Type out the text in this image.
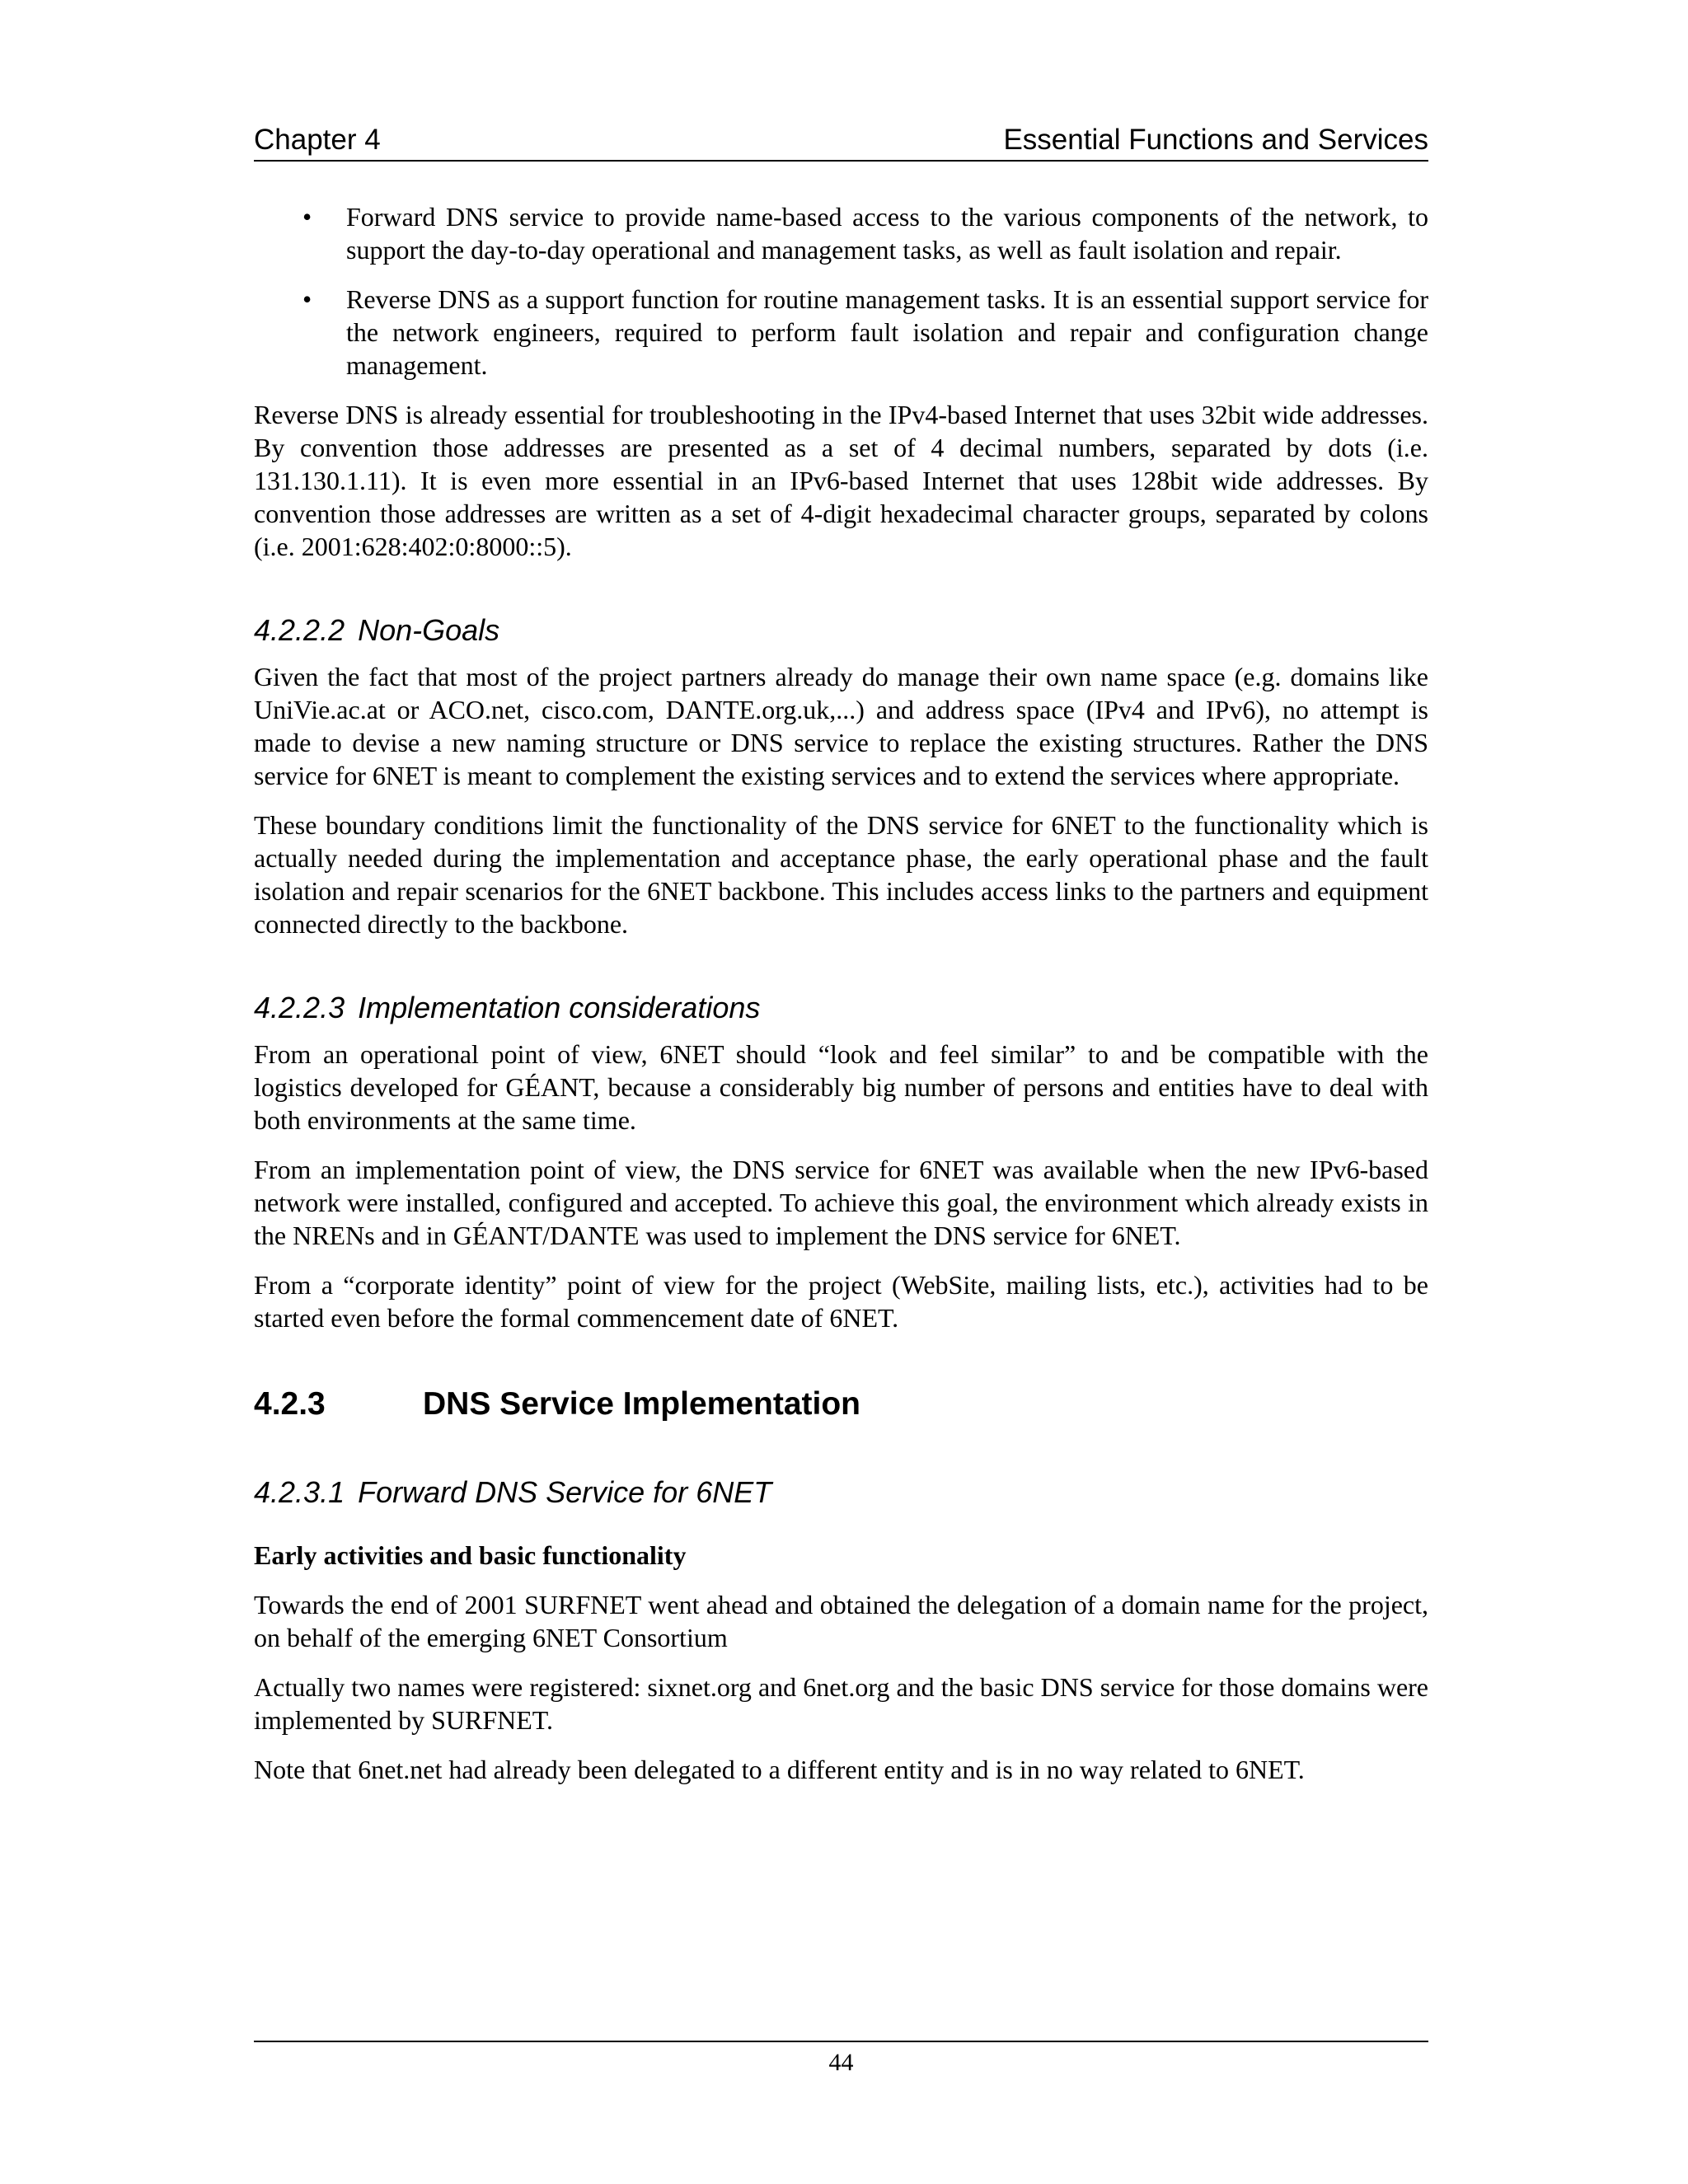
Chapter 4	Essential Functions and Services
• Forward DNS service to provide name-based access to the various components of the network, to support the day-to-day operational and management tasks, as well as fault isolation and repair.
• Reverse DNS as a support function for routine management tasks. It is an essential support service for the network engineers, required to perform fault isolation and repair and configuration change management.

Reverse DNS is already essential for troubleshooting in the IPv4-based Internet that uses 32bit wide addresses. By convention those addresses are presented as a set of 4 decimal numbers, separated by dots (i.e. 131.130.1.11). It is even more essential in an IPv6-based Internet that uses 128bit wide addresses. By convention those addresses are written as a set of 4-digit hexadecimal character groups, separated by colons (i.e. 2001:628:402:0:8000::5).

4.2.2.2 Non-Goals

Given the fact that most of the project partners already do manage their own name space (e.g. domains like UniVie.ac.at or ACO.net, cisco.com, DANTE.org.uk,...) and address space (IPv4 and IPv6), no attempt is made to devise a new naming structure or DNS service to replace the existing structures. Rather the DNS service for 6NET is meant to complement the existing services and to extend the services where appropriate.

These boundary conditions limit the functionality of the DNS service for 6NET to the functionality which is actually needed during the implementation and acceptance phase, the early operational phase and the fault isolation and repair scenarios for the 6NET backbone. This includes access links to the partners and equipment connected directly to the backbone.

4.2.2.3 Implementation considerations

From an operational point of view, 6NET should “look and feel similar” to and be compatible with the logistics developed for GÉANT, because a considerably big number of persons and entities have to deal with both environments at the same time.

From an implementation point of view, the DNS service for 6NET was available when the new IPv6-based network were installed, configured and accepted. To achieve this goal, the environment which already exists in the NRENs and in GÉANT/DANTE was used to implement the DNS service for 6NET.

From a “corporate identity” point of view for the project (WebSite, mailing lists, etc.), activities had to be started even before the formal commencement date of 6NET.

4.2.3	DNS Service Implementation
4.2.3.1 Forward DNS Service for 6NET

Early activities and basic functionality

Towards the end of 2001 SURFNET went ahead and obtained the delegation of a domain name for the project, on behalf of the emerging 6NET Consortium

Actually two names were registered: sixnet.org and 6net.org and the basic DNS service for those domains were implemented by SURFNET.

Note that 6net.net had already been delegated to a different entity and is in no way related to 6NET.

44
